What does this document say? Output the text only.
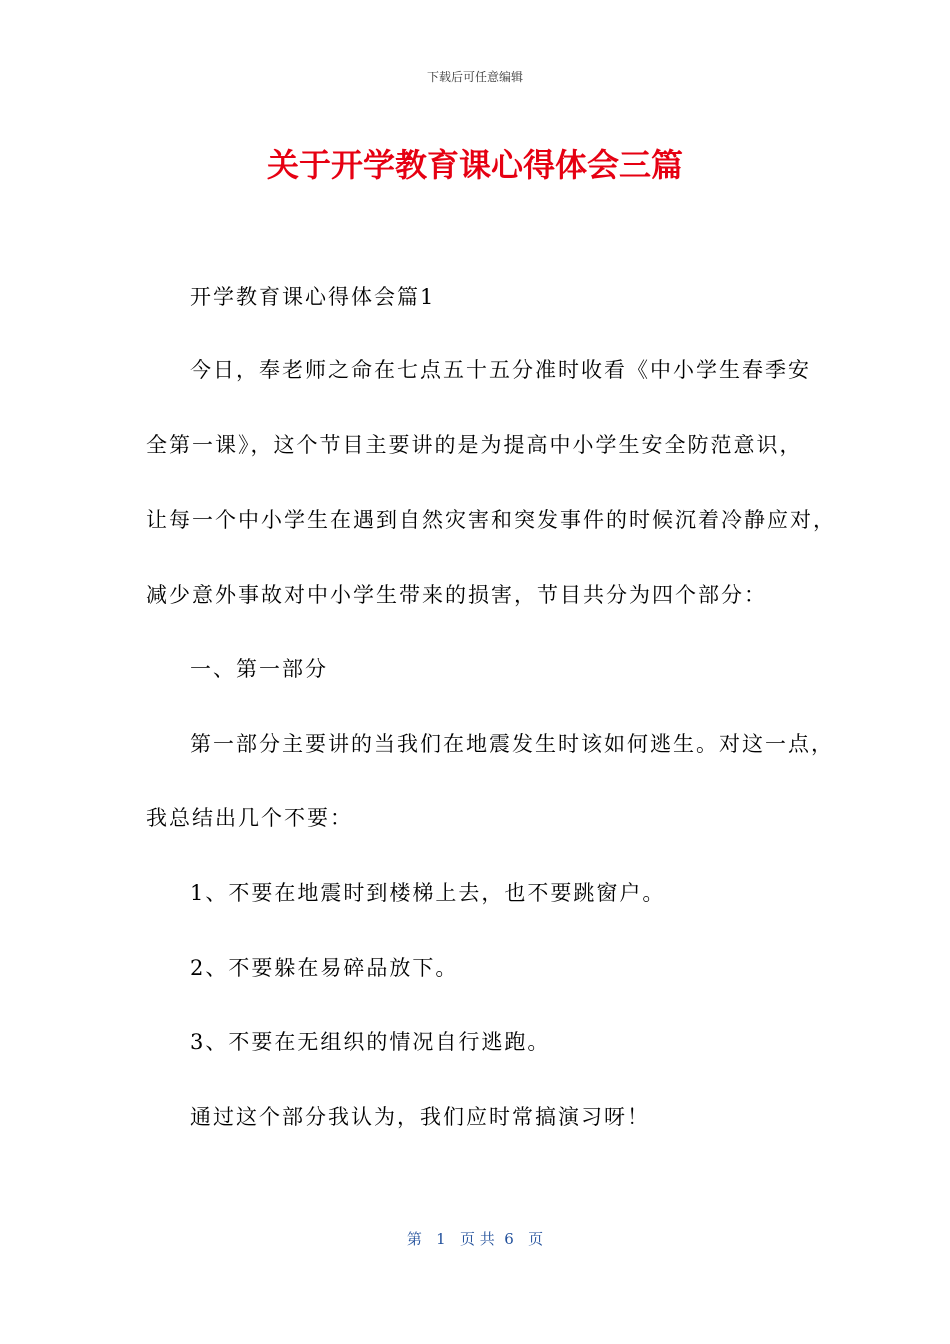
下载后可任意编辑
关于开学教育课心得体会三篇
开学教育课心得体会篇1
今日，奉老师之命在七点五十五分准时收看《中小学生春季安
全第一课》，这个节目主要讲的是为提高中小学生安全防范意识，
让每一个中小学生在遇到自然灾害和突发事件的时候沉着冷静应对，
减少意外事故对中小学生带来的损害，节目共分为四个部分：
一、第一部分
第一部分主要讲的当我们在地震发生时该如何逃生。对这一点，
我总结出几个不要：
1、不要在地震时到楼梯上去，也不要跳窗户。
2、不要躲在易碎品放下。
3、不要在无组织的情况自行逃跑。
通过这个部分我认为，我们应时常搞演习呀！
第   1   页 共  6   页
